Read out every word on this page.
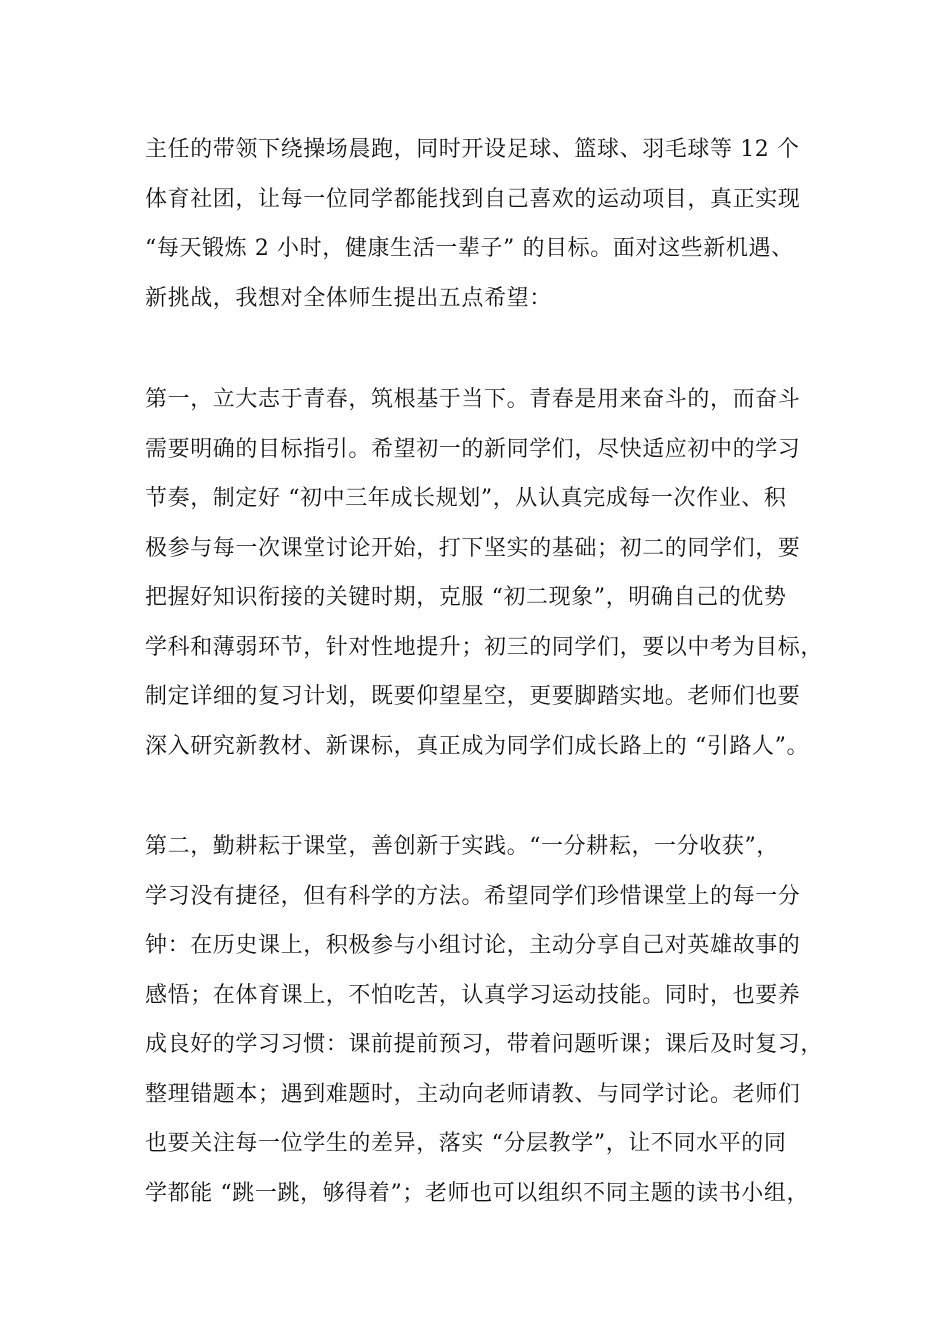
主任的带领下绕操场晨跑，同时开设足球、篮球、羽毛球等 12 个
体育社团，让每一位同学都能找到自己喜欢的运动项目，真正实现
“每天锻炼 2 小时，健康生活一辈子” 的目标。面对这些新机遇、
新挑战，我想对全体师生提出五点希望：
第一，立大志于青春，筑根基于当下。青春是用来奋斗的，而奋斗
需要明确的目标指引。希望初一的新同学们，尽快适应初中的学习
节奏，制定好 “初中三年成长规划”，从认真完成每一次作业、积
极参与每一次课堂讨论开始，打下坚实的基础；初二的同学们，要
把握好知识衔接的关键时期，克服 “初二现象”，明确自己的优势
学科和薄弱环节，针对性地提升；初三的同学们，要以中考为目标，
制定详细的复习计划，既要仰望星空，更要脚踏实地。老师们也要
深入研究新教材、新课标，真正成为同学们成长路上的 “引路人”。
第二，勤耕耘于课堂，善创新于实践。“一分耕耘，一分收获”，
学习没有捷径，但有科学的方法。希望同学们珍惜课堂上的每一分
钟：在历史课上，积极参与小组讨论，主动分享自己对英雄故事的
感悟；在体育课上，不怕吃苦，认真学习运动技能。同时，也要养
成良好的学习习惯：课前提前预习，带着问题听课；课后及时复习，
整理错题本；遇到难题时，主动向老师请教、与同学讨论。老师们
也要关注每一位学生的差异，落实 “分层教学”，让不同水平的同
学都能 “跳一跳，够得着”；老师也可以组织不同主题的读书小组，
